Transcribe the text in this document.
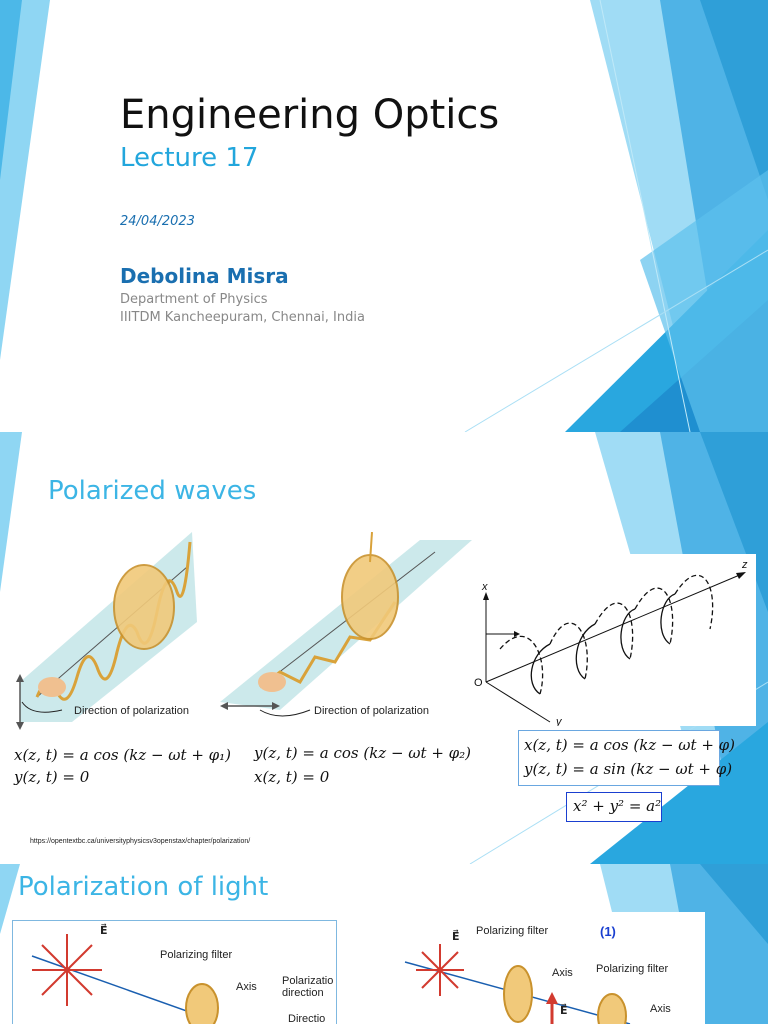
Engineering Optics
Lecture 17
24/04/2023
Debolina Misra
Department of Physics
IIITDM Kancheepuram, Chennai, India
Polarized waves
Direction of polarization	Direction of polarization
x
y
z
O
x(z, t) = a cos (kz − ωt + φ₁)
y(z, t) = 0
y(z, t) = a cos (kz − ωt + φ₂)
x(z, t) = 0
x(z, t) = a cos (kz − ωt + φ)
y(z, t) = a sin (kz − ωt + φ)
x² + y² = a²
https://opentextbc.ca/universityphysicsv3openstax/chapter/polarization/
Polarization of light
E⃗
Polarizing filter
Axis Polarizatio
direction
Directio
E⃗ Polarizing filter	(1)
Axis
E⃗
Polarizing filter
Axis
